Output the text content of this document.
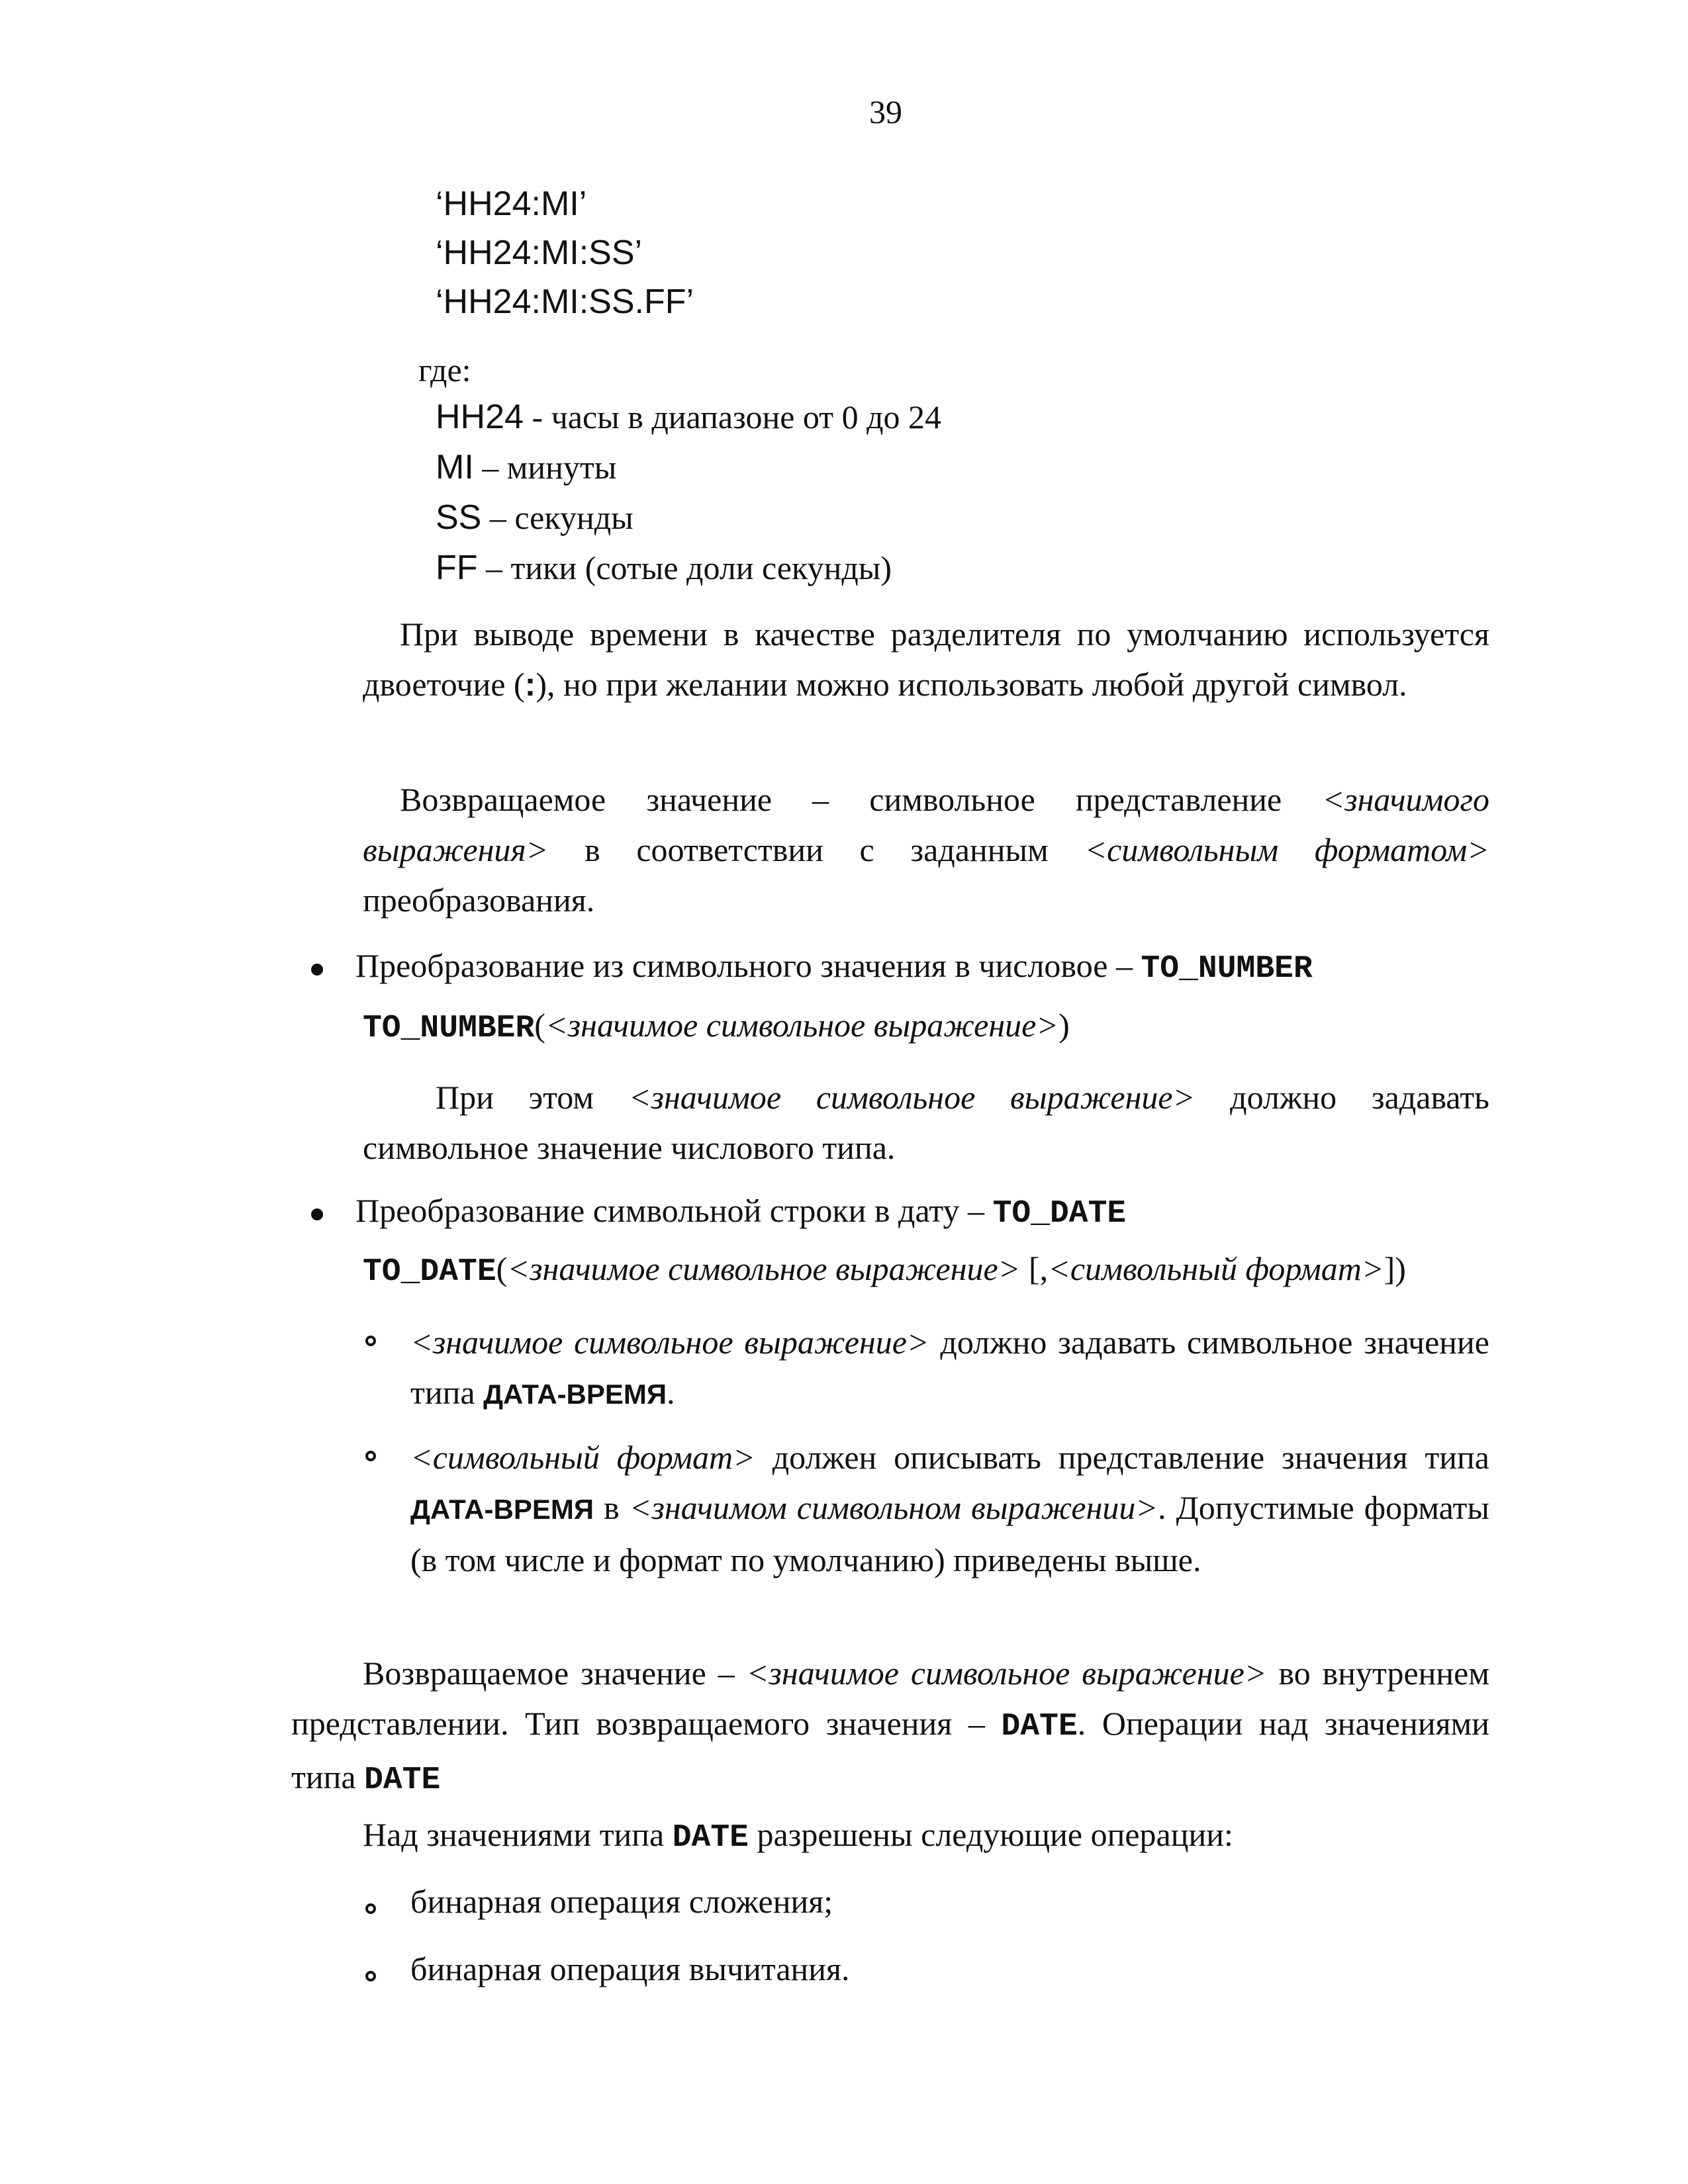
39
‘HH24:MI’
‘HH24:MI:SS’
‘HH24:MI:SS.FF’
где:
HH24 - часы в диапазоне от 0 до 24
MI – минуты
SS – секунды
FF – тики (сотые доли секунды)
При выводе времени в качестве разделителя по умолчанию используется двоеточие (:), но при желании можно использовать любой другой символ.
Возвращаемое значение – символьное представление <значимого выражения> в соответствии с заданным <символьным форматом> преобразования.
Преобразование из символьного значения в числовое – TO_NUMBER
TO_NUMBER(<значимое символьное выражение>)
При этом <значимое символьное выражение> должно задавать символьное значение числового типа.
Преобразование символьной строки в дату – TO_DATE
TO_DATE(<значимое символьное выражение> [,<символьный формат>])
<значимое символьное выражение> должно задавать символьное значение типа ДАТА-ВРЕМЯ.
<символьный формат> должен описывать представление значения типа ДАТА-ВРЕМЯ в <значимом символьном выражении>. Допустимые форматы (в том числе и формат по умолчанию) приведены выше.
Возвращаемое значение – <значимое символьное выражение> во внутреннем представлении. Тип возвращаемого значения – DATE. Операции над значениями типа DATE
Над значениями типа DATE разрешены следующие операции:
бинарная операция сложения;
бинарная операция вычитания.
